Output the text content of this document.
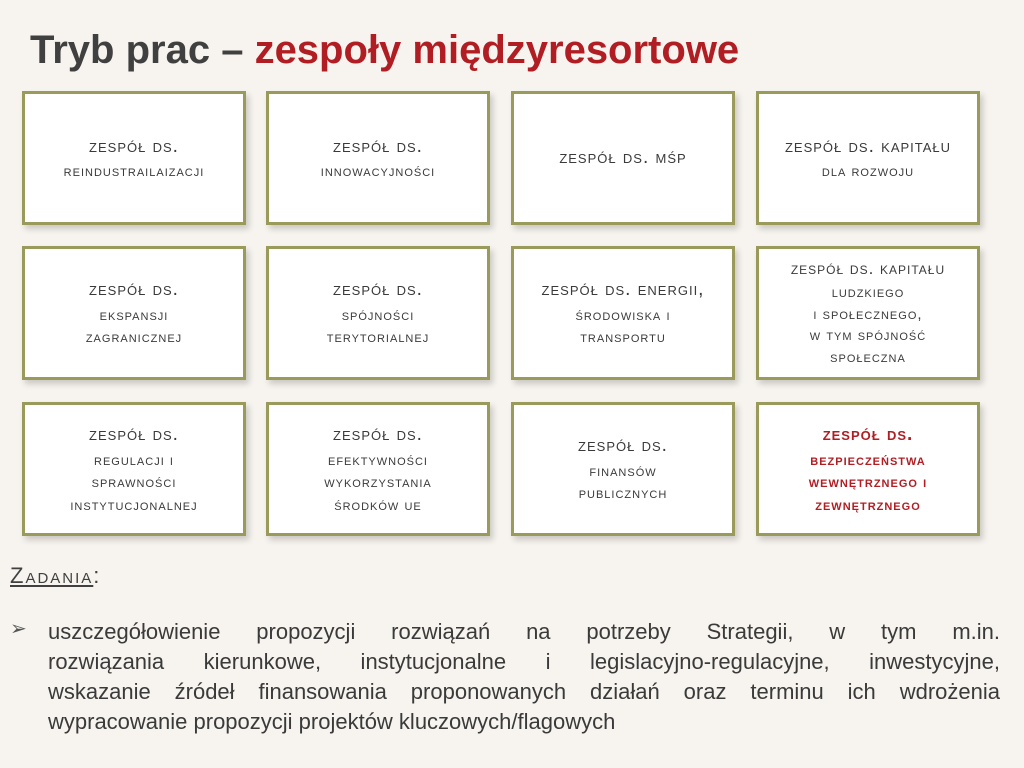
Tryb prac – zespoły międzyresortowe
zespół ds.
reindustrailaizacji
zespół ds.
innowacyjności
zespół ds. mśp
zespół ds. kapitału
dla rozwoju
zespół ds.
ekspansji
zagranicznej
zespół ds.
spójności
terytorialnej
zespół ds. energii,
środowiska i
transportu
zespół ds. kapitału
ludzkiego
i społecznego,
w tym spójność
społeczna
zespół ds.
regulacji i
sprawności
instytucjonalnej
zespół ds.
efektywności
wykorzystania
środków ue
zespół ds.
finansów
publicznych
zespół ds.
bezpieczeństwa
wewnętrznego i
zewnętrznego
Zadania:
➢ uszczegółowienie propozycji rozwiązań na potrzeby Strategii, w tym m.in.
rozwiązania kierunkowe, instytucjonalne i legislacyjno-regulacyjne, inwestycyjne,
wskazanie źródeł finansowania proponowanych działań oraz terminu ich wdrożenia
wypracowanie propozycji projektów kluczowych/flagowych
